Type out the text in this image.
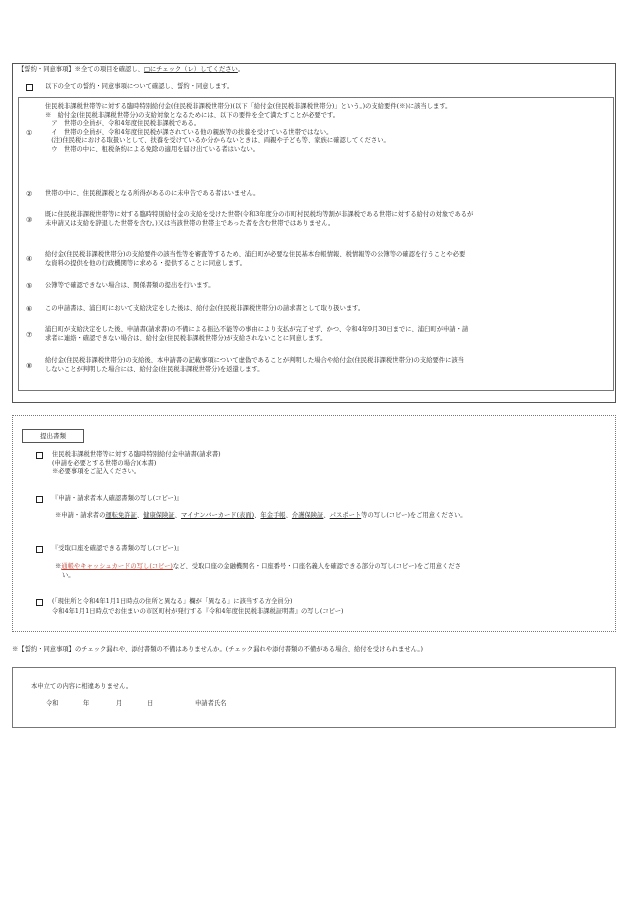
【誓約・同意事項】※全ての項目を確認し、□にチェック（レ）してください。
以下の全ての誓約・同意事項について確認し、誓約・同意します。
①
住民税非課税世帯等に対する臨時特別給付金(住民税非課税世帯分)(以下「給付金(住民税非課税世帯分)」という。)の支給要件(※)に該当します。
※　給付金(住民税非課税世帯分)の支給対象となるためには、以下の要件を全て満たすことが必要です。
　ア　世帯の全員が、令和4年度住民税非課税である。
　イ　世帯の全員が、令和4年度住民税が課されている他の親族等の扶養を受けている世帯ではない。
　(注)住民税における取扱いとして、扶養を受けているか分からないときは、両親や子ども等、家族に確認してください。
　ウ　世帯の中に、租税条約による免除の適用を届け出ている者はいない。
② 世帯の中に、住民税課税となる所得があるのに未申告である者はいません。
③
既に住民税非課税世帯等に対する臨時特別給付金の支給を受けた世帯(令和3年度分の市町村民税均等割が非課税である世帯に対する給付の対象であるが
未申請又は支給を辞退した世帯を含む。)又は当該世帯の世帯主であった者を含む世帯ではありません。
④
給付金(住民税非課税世帯分)の支給要件の該当性等を審査等するため、浦臼町が必要な住民基本台帳情報、税情報等の公簿等の確認を行うことや必要
な資料の提供を他の行政機関等に求める・提供することに同意します。
⑤ 公簿等で確認できない場合は、関係書類の提出を行います。
⑥ この申請書は、浦臼町において支給決定をした後は、給付金(住民税非課税世帯分)の請求書として取り扱います。
⑦
浦臼町が支給決定をした後、申請書(請求書)の不備による振込不能等の事由により支払が完了せず、かつ、令和4年9月30日までに、浦臼町が申請・請
求者に連絡・確認できない場合は、給付金(住民税非課税世帯分)が支給されないことに同意します。
⑧
給付金(住民税非課税世帯分)の支給後、本申請書の記載事項について虚偽であることが判明した場合や給付金(住民税非課税世帯分)の支給要件に該当
しないことが判明した場合には、給付金(住民税非課税世帯分)を返還します。
提出書類
住民税非課税世帯等に対する臨時特別給付金申請書(請求書)
(申請を必要とする世帯の場合)(本書)
※必要事項をご記入ください。
『申請・請求者本人確認書類の写し(コピー)』
※申請・請求者の運転免許証、健康保険証、マイナンバーカード(表面)、年金手帳、介護保険証、パスポート等の写し(コピー)をご用意ください。
『受取口座を確認できる書類の写し(コピー)』
※通帳やキャッシュカードの写し(コピー)など、受取口座の金融機関名・口座番号・口座名義人を確認できる部分の写し(コピー)をご用意くださ
い。
(「現住所と令和4年1月1日時点の住所と異なる」欄が「異なる」に該当する方全員分)
令和4年1月1日時点でお住まいの市区町村が発行する『令和4年度住民税非課税証明書』の写し(コピー)
※【誓約・同意事項】のチェック漏れや、添付書類の不備はありませんか。(チェック漏れや添付書類の不備がある場合、給付を受けられません。)
本申立ての内容に相違ありません。
令和	年	月	日	申請者氏名
